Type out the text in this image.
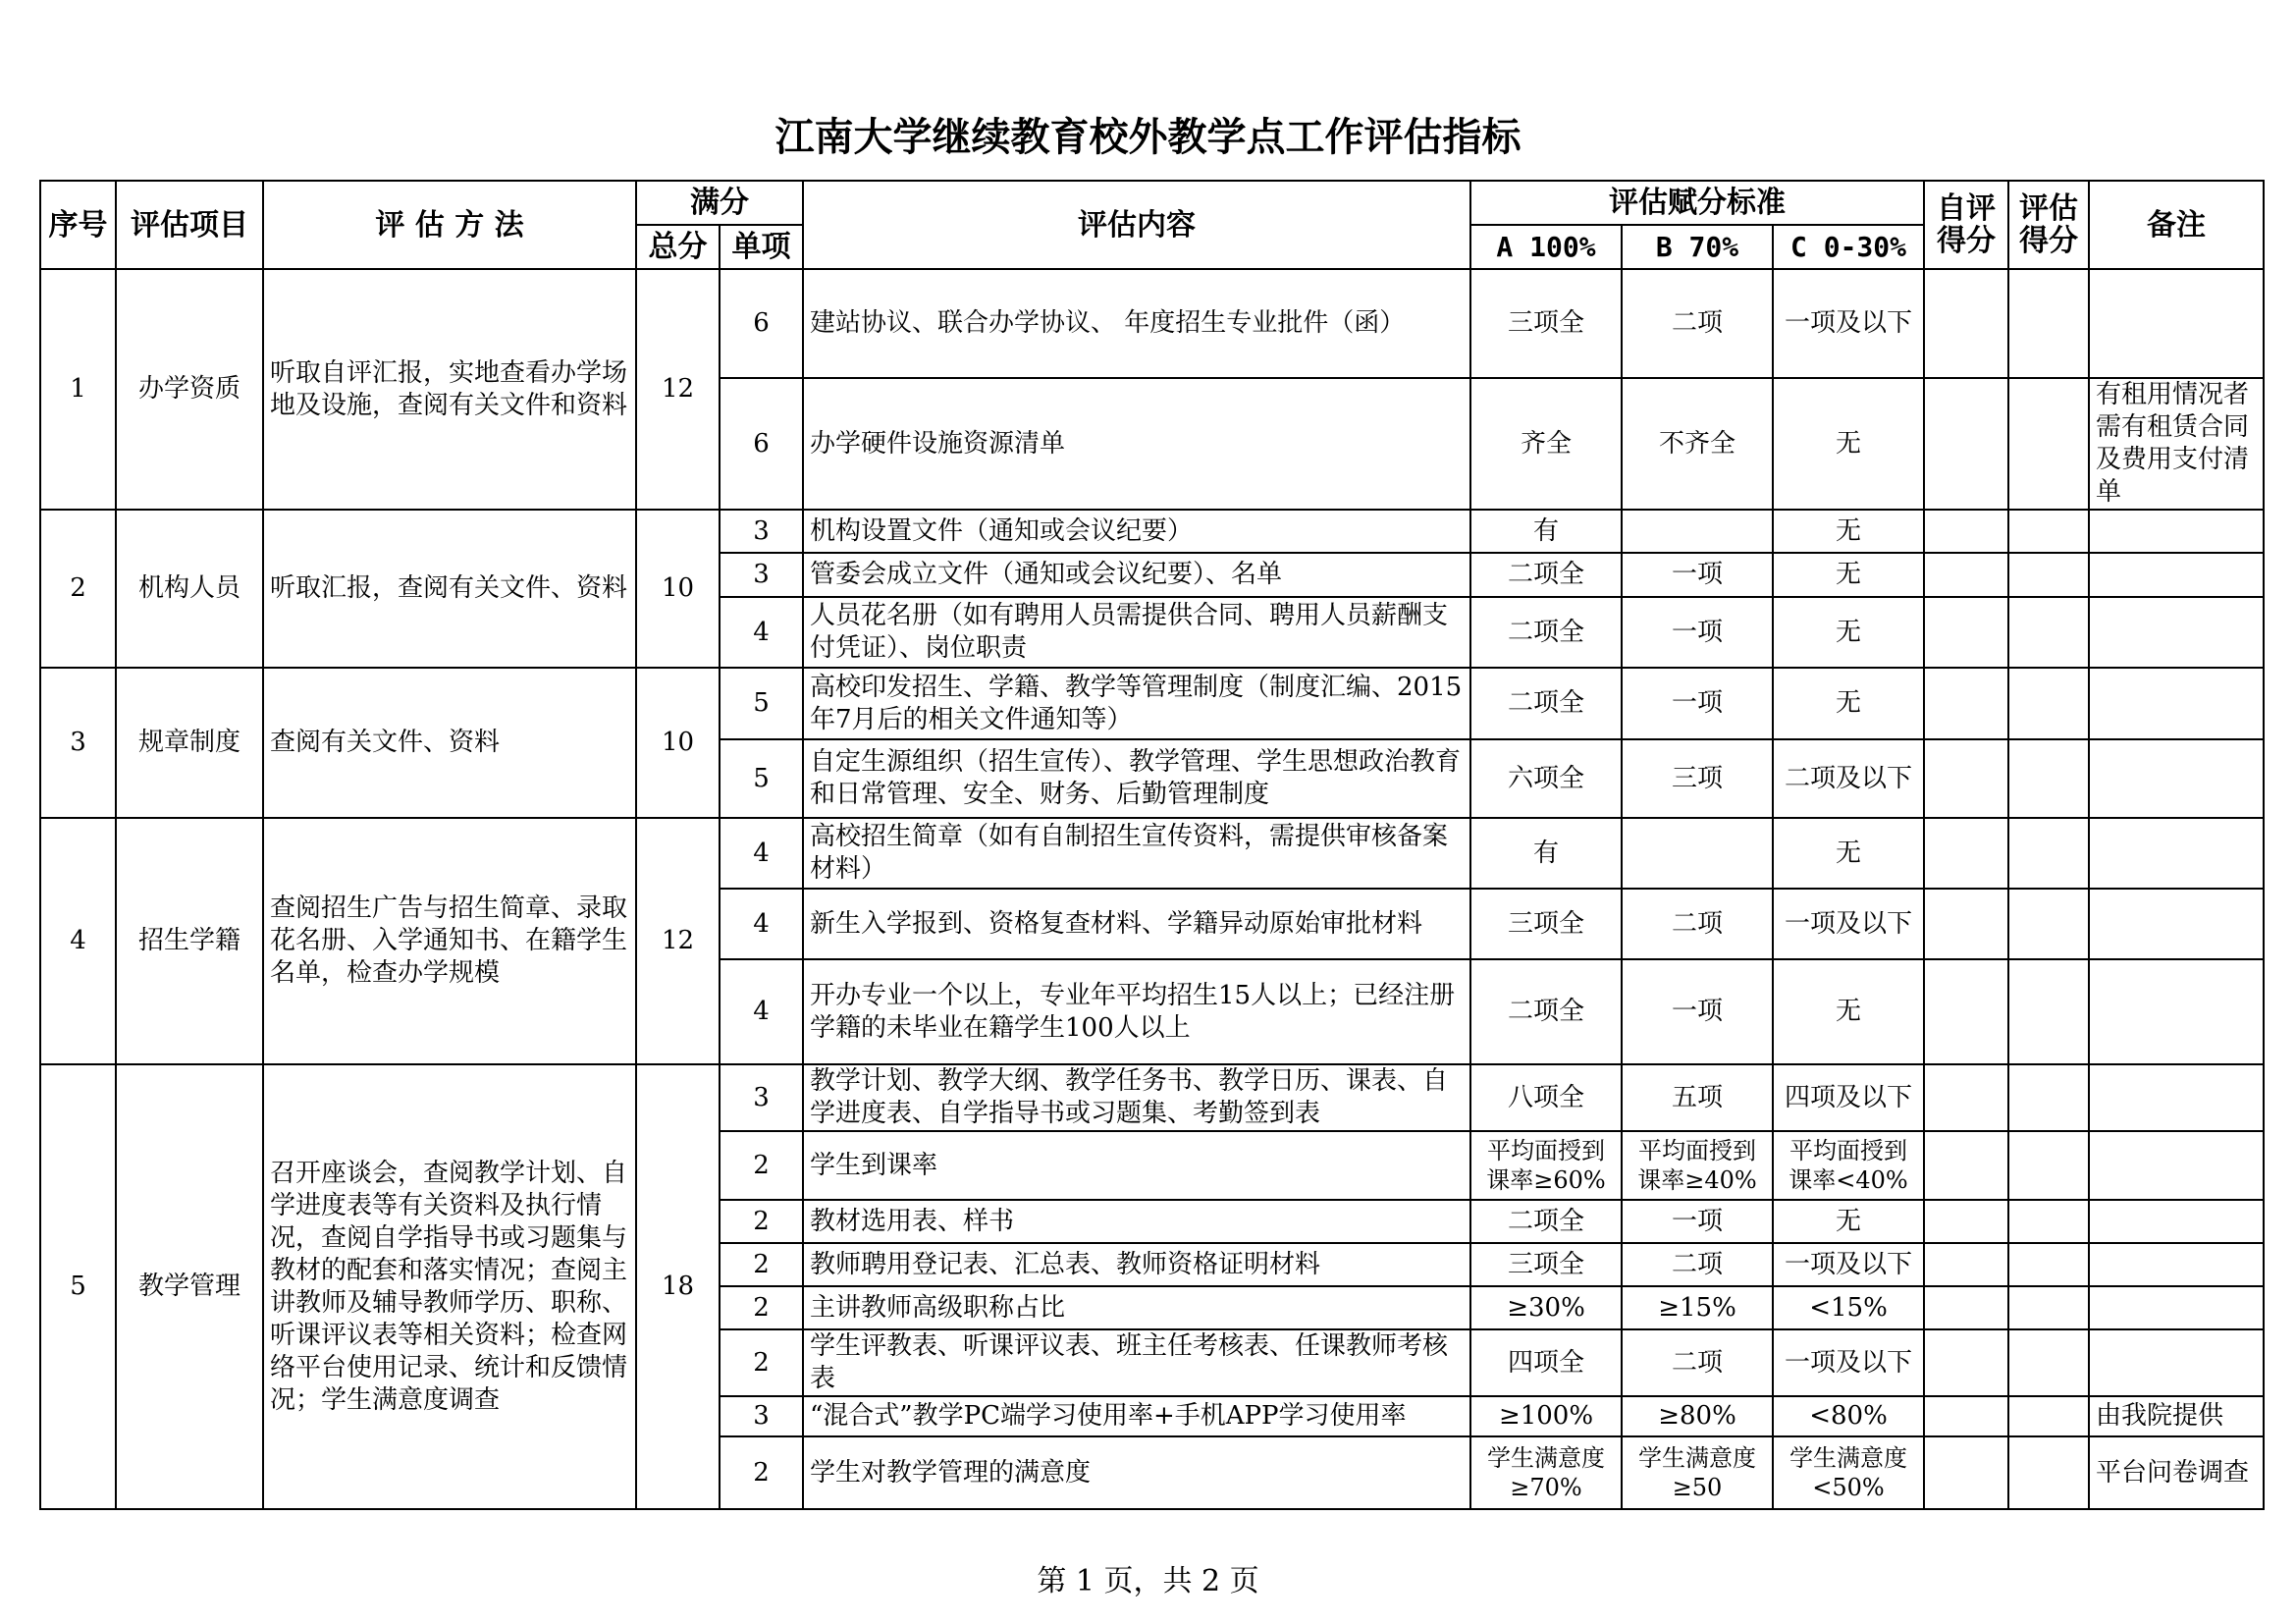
江南大学继续教育校外教学点工作评估指标
序号	评估项目	评 估 方 法	满分		评估内容	评估赋分标准			自评得分	评估得分	备注
			总分	单项		A 100%	B 70%	C 0-30%			
1	办学资质	听取自评汇报，实地查看办学场地及设施，查阅有关文件和资料	12	6	建站协议、联合办学协议、 年度招生专业批件（函）	三项全	二项	一项及以下			
				6	办学硬件设施资源清单	齐全	不齐全	无			有租用情况者需有租赁合同及费用支付清单
2	机构人员	听取汇报，查阅有关文件、资料	10	3	机构设置文件（通知或会议纪要）	有		无			
				3	管委会成立文件（通知或会议纪要）、名单	二项全	一项	无			
				4	人员花名册（如有聘用人员需提供合同、聘用人员薪酬支付凭证）、岗位职责	二项全	一项	无			
3	规章制度	查阅有关文件、资料	10	5	高校印发招生、学籍、教学等管理制度（制度汇编、2015年7月后的相关文件通知等）	二项全	一项	无			
				5	自定生源组织（招生宣传）、教学管理、学生思想政治教育和日常管理、安全、财务、后勤管理制度	六项全	三项	二项及以下			
4	招生学籍	查阅招生广告与招生简章、录取花名册、入学通知书、在籍学生名单，检查办学规模	12	4	高校招生简章（如有自制招生宣传资料，需提供审核备案材料）	有		无			
				4	新生入学报到、资格复查材料、学籍异动原始审批材料	三项全	二项	一项及以下			
				4	开办专业一个以上，专业年平均招生15人以上；已经注册学籍的未毕业在籍学生100人以上	二项全	一项	无			
5	教学管理	召开座谈会，查阅教学计划、自学进度表等有关资料及执行情况，查阅自学指导书或习题集与教材的配套和落实情况；查阅主讲教师及辅导教师学历、职称、听课评议表等相关资料；检查网络平台使用记录、统计和反馈情况；学生满意度调查	18	3	教学计划、教学大纲、教学任务书、教学日历、课表、自学进度表、自学指导书或习题集、考勤签到表	八项全	五项	四项及以下			
				2	学生到课率	平均面授到课率≥60%	平均面授到课率≥40%	平均面授到课率<40%			
				2	教材选用表、样书	二项全	一项	无			
				2	教师聘用登记表、汇总表、教师资格证明材料	三项全	二项	一项及以下			
				2	主讲教师高级职称占比	≥30%	≥15%	<15%			
				2	学生评教表、听课评议表、班主任考核表、任课教师考核表	四项全	二项	一项及以下			
				3	“混合式”教学PC端学习使用率+手机APP学习使用率	≥100%	≥80%	<80%			由我院提供
				2	学生对教学管理的满意度	学生满意度≥70%	学生满意度≥50	学生满意度<50%			平台问卷调查
第 1 页，共 2 页
